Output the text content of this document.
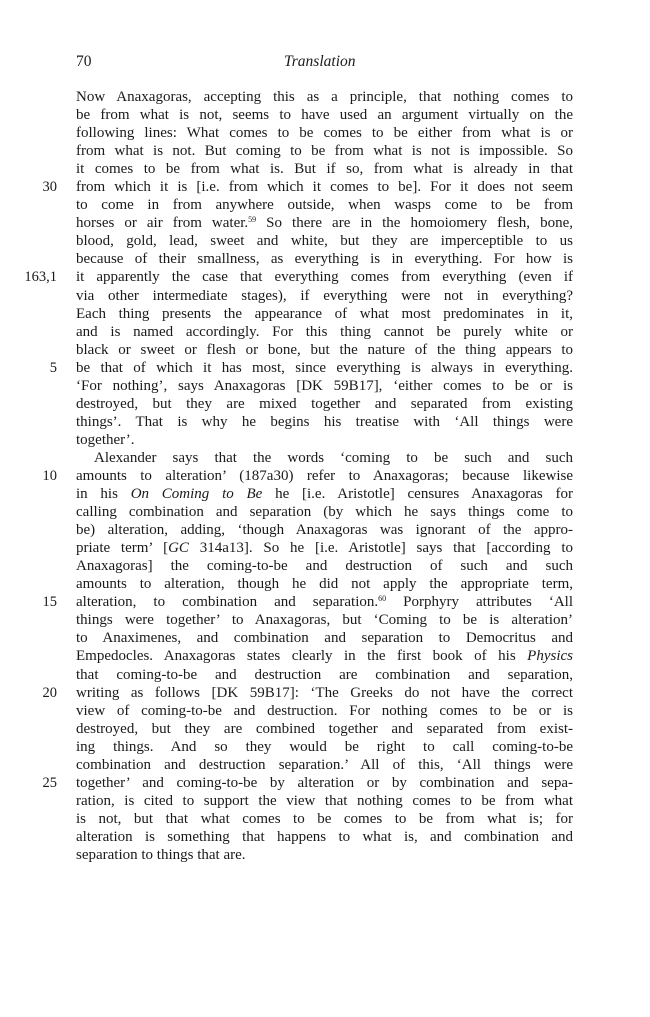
70	Translation
Now Anaxagoras, accepting this as a principle, that nothing comes to
be from what is not, seems to have used an argument virtually on the
following lines: What comes to be comes to be either from what is or
from what is not. But coming to be from what is not is impossible. So
it comes to be from what is. But if so, from what is already in that
30 from which it is [i.e. from which it comes to be]. For it does not seem
to come in from anywhere outside, when wasps come to be from
horses or air from water.$^{59}$ So there are in the homoiomery flesh, bone,
blood, gold, lead, sweet and white, but they are imperceptible to us
because of their smallness, as everything is in everything. For how is
163,1 it apparently the case that everything comes from everything (even if
via other intermediate stages), if everything were not in everything?
Each thing presents the appearance of what most predominates in it,
and is named accordingly. For this thing cannot be purely white or
black or sweet or flesh or bone, but the nature of the thing appears to
5 be that of which it has most, since everything is always in everything.
‘For nothing’, says Anaxagoras [DK 59B17], ‘either comes to be or is
destroyed, but they are mixed together and separated from existing
things’. That is why he begins his treatise with ‘All things were
together’.
Alexander says that the words ‘coming to be such and such
10 amounts to alteration’ (187a30) refer to Anaxagoras; because likewise
in his On Coming to Be he [i.e. Aristotle] censures Anaxagoras for
calling combination and separation (by which he says things come to
be) alteration, adding, ‘though Anaxagoras was ignorant of the appro-
priate term’ [GC 314a13]. So he [i.e. Aristotle] says that [according to
Anaxagoras] the coming-to-be and destruction of such and such
amounts to alteration, though he did not apply the appropriate term,
15 alteration, to combination and separation.$^{60}$ Porphyry attributes ‘All
things were together’ to Anaxagoras, but ‘Coming to be is alteration’
to Anaximenes, and combination and separation to Democritus and
Empedocles. Anaxagoras states clearly in the first book of his Physics
that coming-to-be and destruction are combination and separation,
20 writing as follows [DK 59B17]: ‘The Greeks do not have the correct
view of coming-to-be and destruction. For nothing comes to be or is
destroyed, but they are combined together and separated from exist-
ing things. And so they would be right to call coming-to-be
combination and destruction separation.’ All of this, ‘All things were
25 together’ and coming-to-be by alteration or by combination and sepa-
ration, is cited to support the view that nothing comes to be from what
is not, but that what comes to be comes to be from what is; for
alteration is something that happens to what is, and combination and
separation to things that are.
